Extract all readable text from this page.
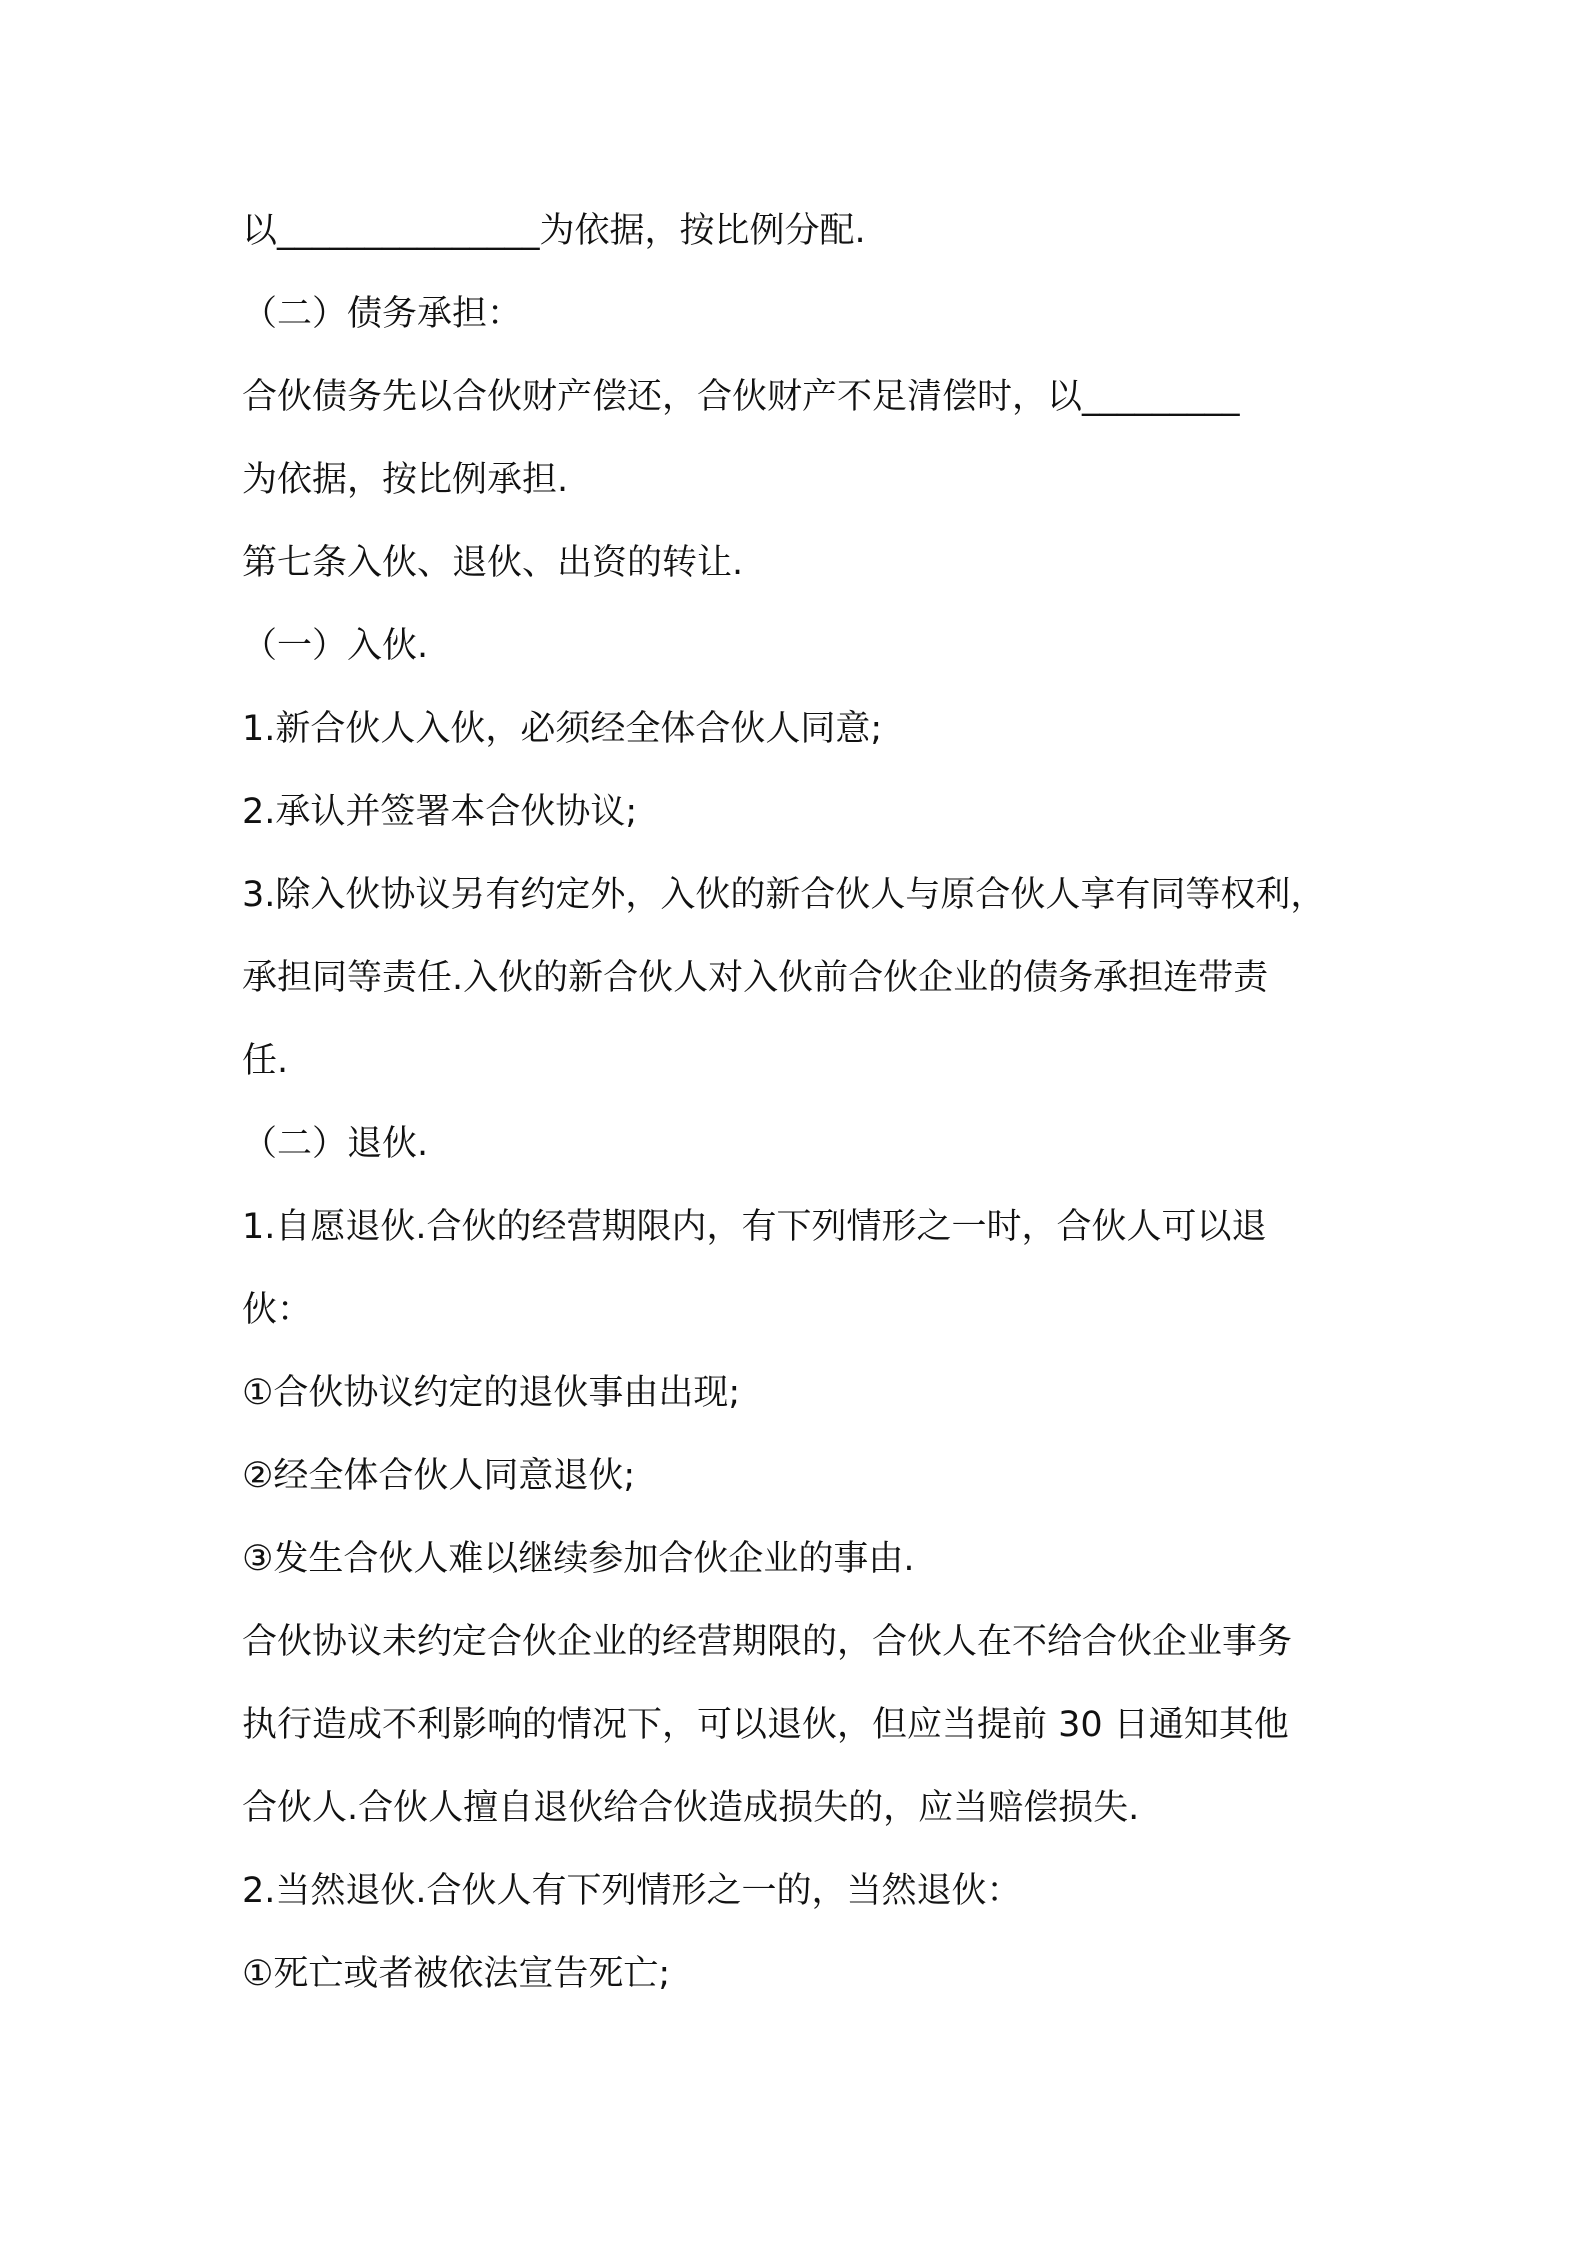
以_______________为依据，按比例分配.

（二）债务承担：

合伙债务先以合伙财产偿还，合伙财产不足清偿时，以_________

为依据，按比例承担.

第七条入伙、退伙、出资的转让.

（一）入伙.

1.新合伙人入伙，必须经全体合伙人同意;

2.承认并签署本合伙协议;

3.除入伙协议另有约定外，入伙的新合伙人与原合伙人享有同等权利，

承担同等责任.入伙的新合伙人对入伙前合伙企业的债务承担连带责

任.

（二）退伙.

1.自愿退伙.合伙的经营期限内，有下列情形之一时，合伙人可以退

伙：

①合伙协议约定的退伙事由出现;

②经全体合伙人同意退伙;

③发生合伙人难以继续参加合伙企业的事由.

合伙协议未约定合伙企业的经营期限的，合伙人在不给合伙企业事务

执行造成不利影响的情况下，可以退伙，但应当提前 30 日通知其他

合伙人.合伙人擅自退伙给合伙造成损失的，应当赔偿损失.

2.当然退伙.合伙人有下列情形之一的，当然退伙：

①死亡或者被依法宣告死亡;
